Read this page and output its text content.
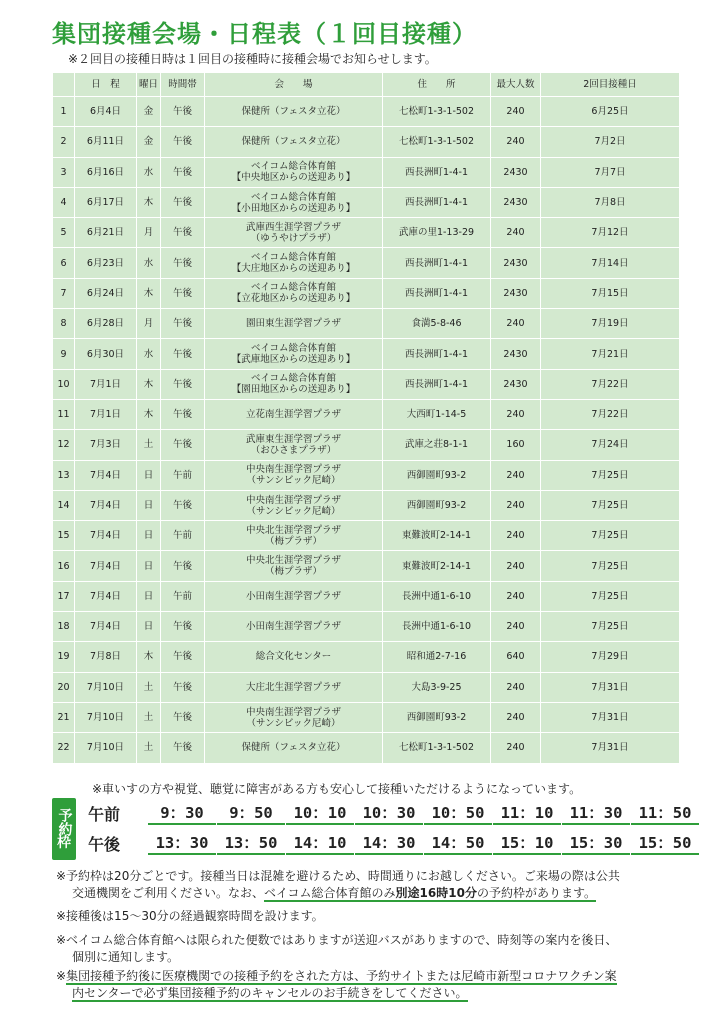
集団接種会場・日程表（１回目接種）
※２回目の接種日時は１回目の接種時に接種会場でお知らせします。
	日　程	曜日	時間帯	会　　場	住　　所	最大人数	2回目接種日
1	6月4日	金	午後	保健所（フェスタ立花）	七松町1-3-1-502	240	6月25日
2	6月11日	金	午後	保健所（フェスタ立花）	七松町1-3-1-502	240	7月2日
3	6月16日	水	午後	ベイコム総合体育館
【中央地区からの送迎あり】	西長洲町1-4-1	2430	7月7日
4	6月17日	木	午後	ベイコム総合体育館
【小田地区からの送迎あり】	西長洲町1-4-1	2430	7月8日
5	6月21日	月	午後	武庫西生涯学習プラザ
（ゆうやけプラザ）	武庫の里1-13-29	240	7月12日
6	6月23日	水	午後	ベイコム総合体育館
【大庄地区からの送迎あり】	西長洲町1-4-1	2430	7月14日
7	6月24日	木	午後	ベイコム総合体育館
【立花地区からの送迎あり】	西長洲町1-4-1	2430	7月15日
8	6月28日	月	午後	園田東生涯学習プラザ	食満5-8-46	240	7月19日
9	6月30日	水	午後	ベイコム総合体育館
【武庫地区からの送迎あり】	西長洲町1-4-1	2430	7月21日
10	7月1日	木	午後	ベイコム総合体育館
【園田地区からの送迎あり】	西長洲町1-4-1	2430	7月22日
11	7月1日	木	午後	立花南生涯学習プラザ	大西町1-14-5	240	7月22日
12	7月3日	土	午後	武庫東生涯学習プラザ
（おひさまプラザ）	武庫之荘8-1-1	160	7月24日
13	7月4日	日	午前	中央南生涯学習プラザ
（サンシビック尼崎）	西御園町93-2	240	7月25日
14	7月4日	日	午後	中央南生涯学習プラザ
（サンシビック尼崎）	西御園町93-2	240	7月25日
15	7月4日	日	午前	中央北生涯学習プラザ
（梅プラザ）	東難波町2-14-1	240	7月25日
16	7月4日	日	午後	中央北生涯学習プラザ
（梅プラザ）	東難波町2-14-1	240	7月25日
17	7月4日	日	午前	小田南生涯学習プラザ	長洲中通1-6-10	240	7月25日
18	7月4日	日	午後	小田南生涯学習プラザ	長洲中通1-6-10	240	7月25日
19	7月8日	木	午後	総合文化センター	昭和通2-7-16	640	7月29日
20	7月10日	土	午後	大庄北生涯学習プラザ	大島3-9-25	240	7月31日
21	7月10日	土	午後	中央南生涯学習プラザ
（サンシビック尼崎）	西御園町93-2	240	7月31日
22	7月10日	土	午後	保健所（フェスタ立花）	七松町1-3-1-502	240	7月31日
※車いすの方や視覚、聴覚に障害がある方も安心して接種いただけるようになっています。
予約
枠
午前	9：30	9：50	10：10	10：30	10：50	11：10	11：30	11：50
午後	13：30	13：50	14：10	14：30	14：50	15：10	15：30	15：50
※予約枠は20分ごとです。接種当日は混雑を避けるため、時間通りにお越しください。ご来場の際は公共
交通機関をご利用ください。なお、ベイコム総合体育館のみ別途16時10分の予約枠があります。
※接種後は15～30分の経過観察時間を設けます。
※ベイコム総合体育館へは限られた便数ではありますが送迎バスがありますので、時刻等の案内を後日、
個別に通知します。
※集団接種予約後に医療機関での接種予約をされた方は、予約サイトまたは尼崎市新型コロナワクチン案
内センターで必ず集団接種予約のキャンセルのお手続きをしてください。
